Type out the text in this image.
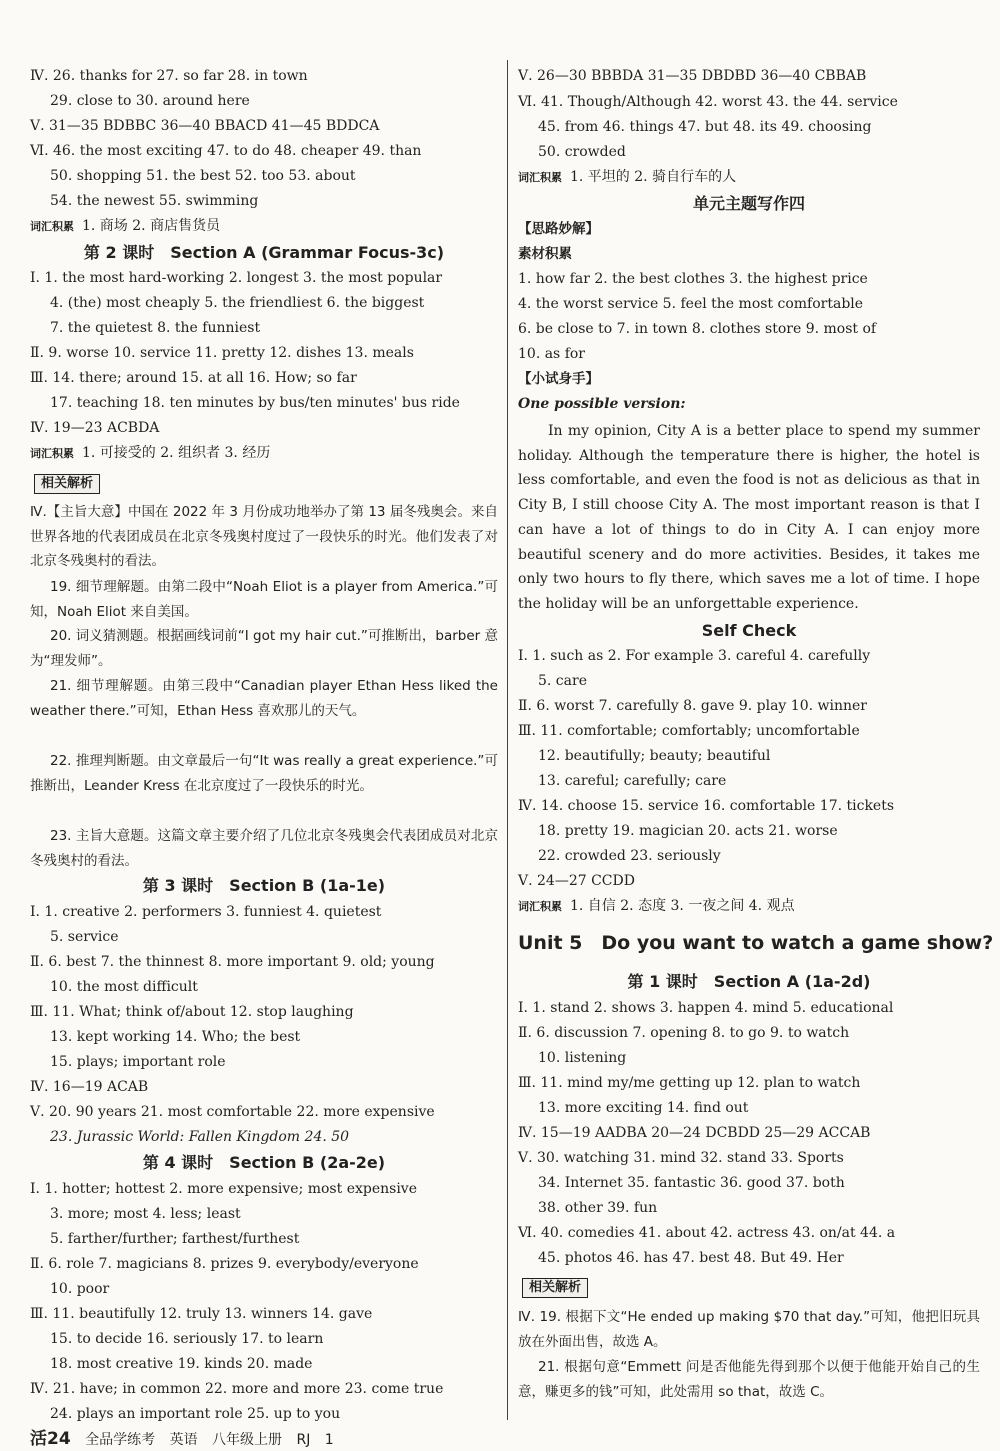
Ⅳ. 26. thanks for 27. so far 28. in town
29. close to 30. around here
Ⅴ. 31—35 BDBBC 36—40 BBACD 41—45 BDDCA
Ⅵ. 46. the most exciting 47. to do 48. cheaper 49. than
50. shopping 51. the best 52. too 53. about
54. the newest 55. swimming
词汇积累 1. 商场 2. 商店售货员
第 2 课时　Section A (Grammar Focus-3c)
Ⅰ. 1. the most hard-working 2. longest 3. the most popular
4. (the) most cheaply 5. the friendliest 6. the biggest
7. the quietest 8. the funniest
Ⅱ. 9. worse 10. service 11. pretty 12. dishes 13. meals
Ⅲ. 14. there; around 15. at all 16. How; so far
17. teaching 18. ten minutes by bus/ten minutes' bus ride
Ⅳ. 19—23 ACBDA
词汇积累 1. 可接受的 2. 组织者 3. 经历
相关解析
Ⅳ.【主旨大意】中国在 2022 年 3 月份成功地举办了第 13 届冬残奥会。来自世界各地的代表团成员在北京冬残奥村度过了一段快乐的时光。他们发表了对北京冬残奥村的看法。
19. 细节理解题。由第二段中“Noah Eliot is a player from America.”可知，Noah Eliot 来自美国。
20. 词义猜测题。根据画线词前“I got my hair cut.”可推断出，barber 意为“理发师”。
21. 细节理解题。由第三段中“Canadian player Ethan Hess liked the weather there.”可知，Ethan Hess 喜欢那儿的天气。
22. 推理判断题。由文章最后一句“It was really a great experience.”可推断出，Leander Kress 在北京度过了一段快乐的时光。
23. 主旨大意题。这篇文章主要介绍了几位北京冬残奥会代表团成员对北京冬残奥村的看法。
第 3 课时　Section B (1a-1e)
Ⅰ. 1. creative 2. performers 3. funniest 4. quietest
5. service
Ⅱ. 6. best 7. the thinnest 8. more important 9. old; young
10. the most difficult
Ⅲ. 11. What; think of/about 12. stop laughing
13. kept working 14. Who; the best
15. plays; important role
Ⅳ. 16—19 ACAB
Ⅴ. 20. 90 years 21. most comfortable 22. more expensive
23. Jurassic World: Fallen Kingdom 24. 50
第 4 课时　Section B (2a-2e)
Ⅰ. 1. hotter; hottest 2. more expensive; most expensive
3. more; most 4. less; least
5. farther/further; farthest/furthest
Ⅱ. 6. role 7. magicians 8. prizes 9. everybody/everyone
10. poor
Ⅲ. 11. beautifully 12. truly 13. winners 14. gave
15. to decide 16. seriously 17. to learn
18. most creative 19. kinds 20. made
Ⅳ. 21. have; in common 22. more and more 23. come true
24. plays an important role 25. up to you
Ⅴ. 26—30 BBBDA 31—35 DBDBD 36—40 CBBAB
Ⅵ. 41. Though/Although 42. worst 43. the 44. service
45. from 46. things 47. but 48. its 49. choosing
50. crowded
词汇积累 1. 平坦的 2. 骑自行车的人
单元主题写作四
【思路妙解】
素材积累
1. how far 2. the best clothes 3. the highest price
4. the worst service 5. feel the most comfortable
6. be close to 7. in town 8. clothes store 9. most of
10. as for
【小试身手】
One possible version:
In my opinion, City A is a better place to spend my summer holiday. Although the temperature there is higher, the hotel is less comfortable, and even the food is not as delicious as that in City B, I still choose City A. The most important reason is that I can have a lot of things to do in City A. I can enjoy more beautiful scenery and do more activities. Besides, it takes me only two hours to fly there, which saves me a lot of time. I hope the holiday will be an unforgettable experience.
Self Check
Ⅰ. 1. such as 2. For example 3. careful 4. carefully
5. care
Ⅱ. 6. worst 7. carefully 8. gave 9. play 10. winner
Ⅲ. 11. comfortable; comfortably; uncomfortable
12. beautifully; beauty; beautiful
13. careful; carefully; care
Ⅳ. 14. choose 15. service 16. comfortable 17. tickets
18. pretty 19. magician 20. acts 21. worse
22. crowded 23. seriously
Ⅴ. 24—27 CCDD
词汇积累 1. 自信 2. 态度 3. 一夜之间 4. 观点
Unit 5　Do you want to watch a game show?
第 1 课时　Section A (1a-2d)
Ⅰ. 1. stand 2. shows 3. happen 4. mind 5. educational
Ⅱ. 6. discussion 7. opening 8. to go 9. to watch
10. listening
Ⅲ. 11. mind my/me getting up 12. plan to watch
13. more exciting 14. find out
Ⅳ. 15—19 AADBA 20—24 DCBDD 25—29 ACCAB
Ⅴ. 30. watching 31. mind 32. stand 33. Sports
34. Internet 35. fantastic 36. good 37. both
38. other 39. fun
Ⅵ. 40. comedies 41. about 42. actress 43. on/at 44. a
45. photos 46. has 47. best 48. But 49. Her
相关解析
Ⅳ. 19. 根据下文“He ended up making $70 that day.”可知，他把旧玩具放在外面出售，故选 A。
21. 根据句意“Emmett 问是否他能先得到那个以便于他能开始自己的生意，赚更多的钱”可知，此处需用 so that，故选 C。
活24 全品学练考 英语 八年级上册 RJ 1
